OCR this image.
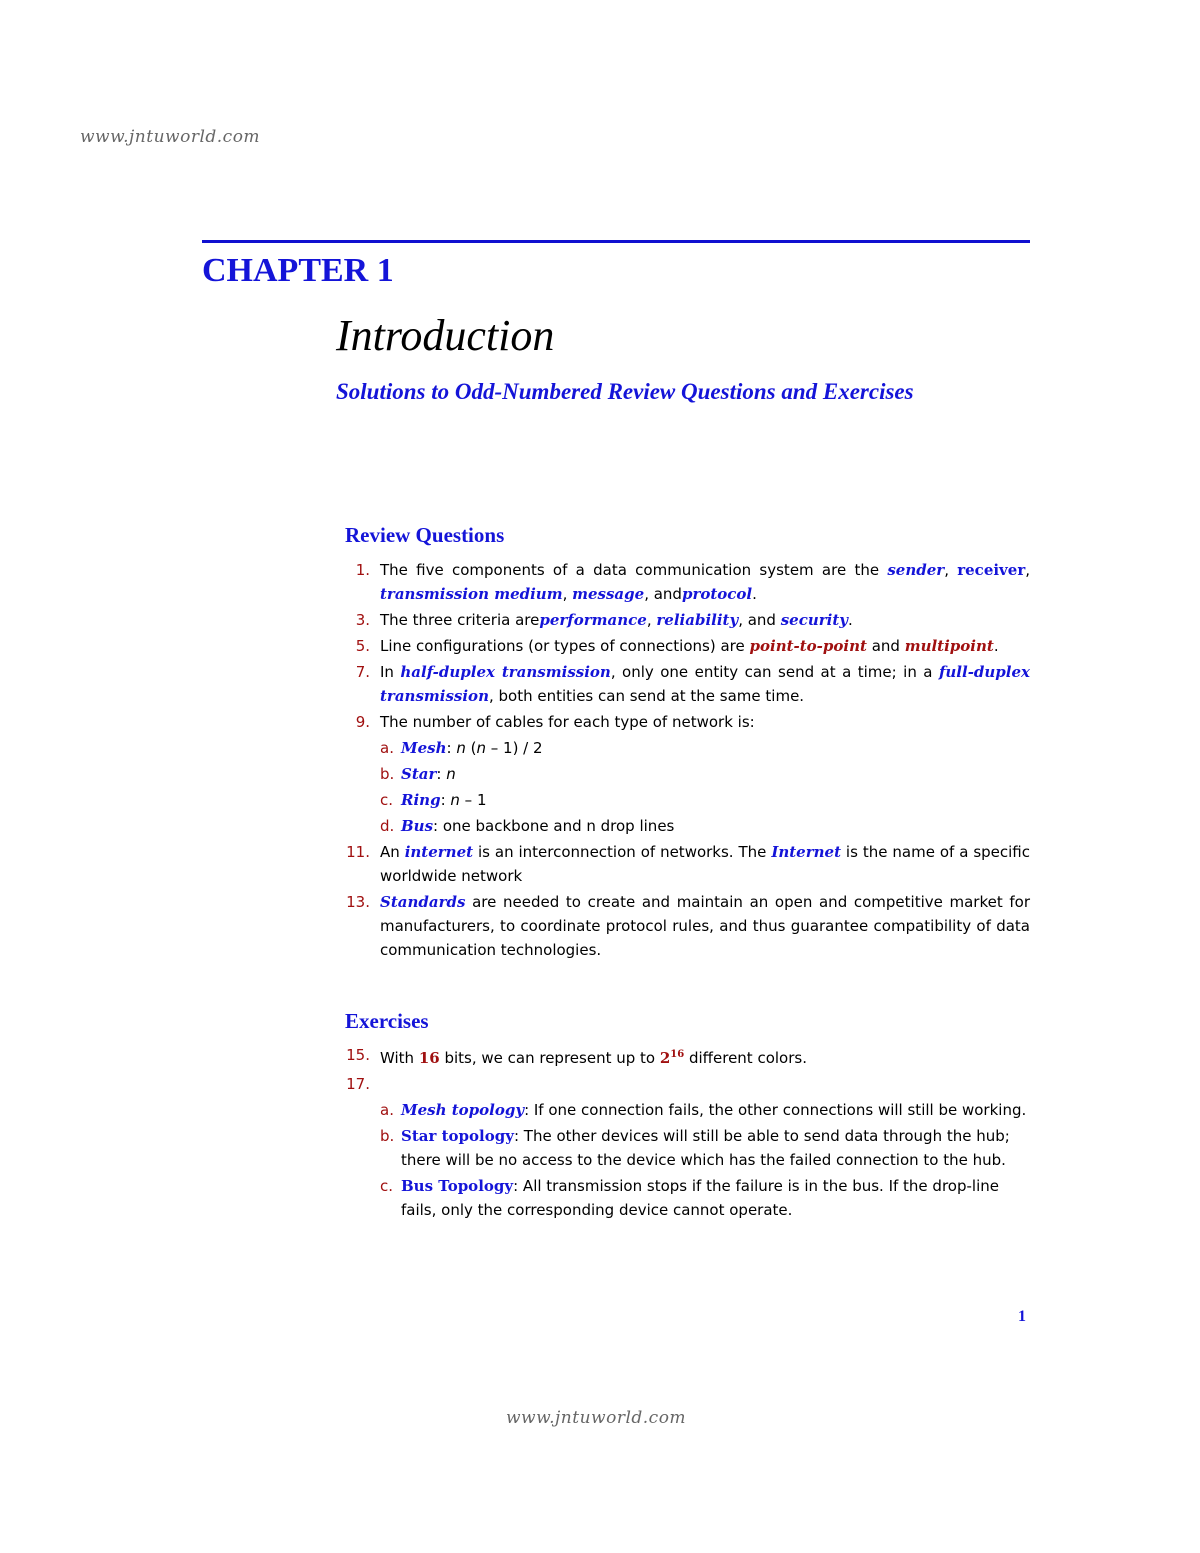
www.jntuworld.com
CHAPTER 1
Introduction
Solutions to Odd-Numbered Review Questions and Exercises
Review Questions
1. The five components of a data communication system are the sender, receiver, transmission medium, message, andprotocol.
3. The three criteria areperformance, reliability, and security.
5. Line configurations (or types of connections) are point-to-point and multipoint.
7. In half-duplex transmission, only one entity can send at a time; in a full-duplex transmission, both entities can send at the same time.
9. The number of cables for each type of network is:
a. Mesh: n (n – 1) / 2
b. Star: n
c. Ring: n – 1
d. Bus: one backbone and n drop lines
11. An internet is an interconnection of networks. The Internet is the name of a specific worldwide network
13. Standards are needed to create and maintain an open and competitive market for manufacturers, to coordinate protocol rules, and thus guarantee compatibility of data communication technologies.
Exercises
15. With 16 bits, we can represent up to $2^{16}$ different colors.
17.

a. Mesh topology: If one connection fails, the other connections will still be working.
b. Star topology: The other devices will still be able to send data through the hub; there will be no access to the device which has the failed connection to the hub.
c. Bus Topology: All transmission stops if the failure is in the bus. If the drop-line fails, only the corresponding device cannot operate.
1
www.jntuworld.com
